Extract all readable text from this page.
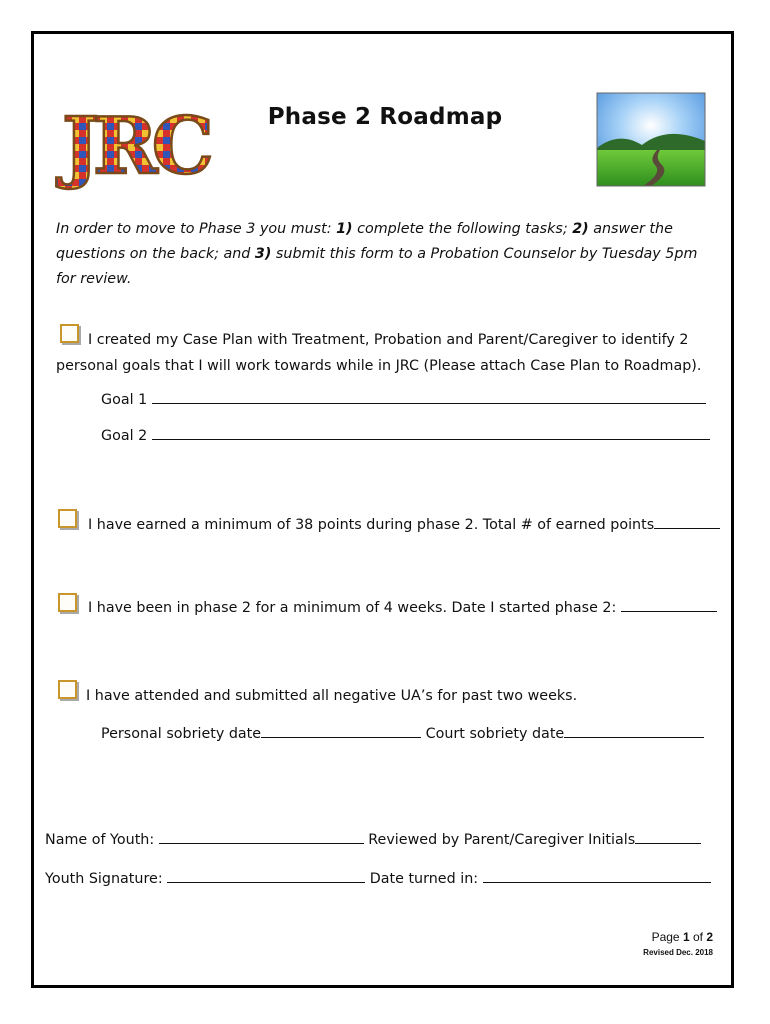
JRC	Phase 2 Roadmap
In order to move to Phase 3 you must: 1) complete the following tasks; 2) answer the questions on the back; and 3) submit this form to a Probation Counselor by Tuesday 5pm for review.
I created my Case Plan with Treatment, Probation and Parent/Caregiver to identify 2
personal goals that I will work towards while in JRC (Please attach Case Plan to Roadmap).
Goal 1
Goal 2
I have earned a minimum of 38 points during phase 2. Total # of earned points
I have been in phase 2 for a minimum of 4 weeks. Date I started phase 2:
I have attended and submitted all negative UA’s for past two weeks.
Personal sobriety date	Court sobriety date
Name of Youth:	Reviewed by Parent/Caregiver Initials
Youth Signature:	Date turned in:
Page 1 of 2
Revised Dec. 2018
